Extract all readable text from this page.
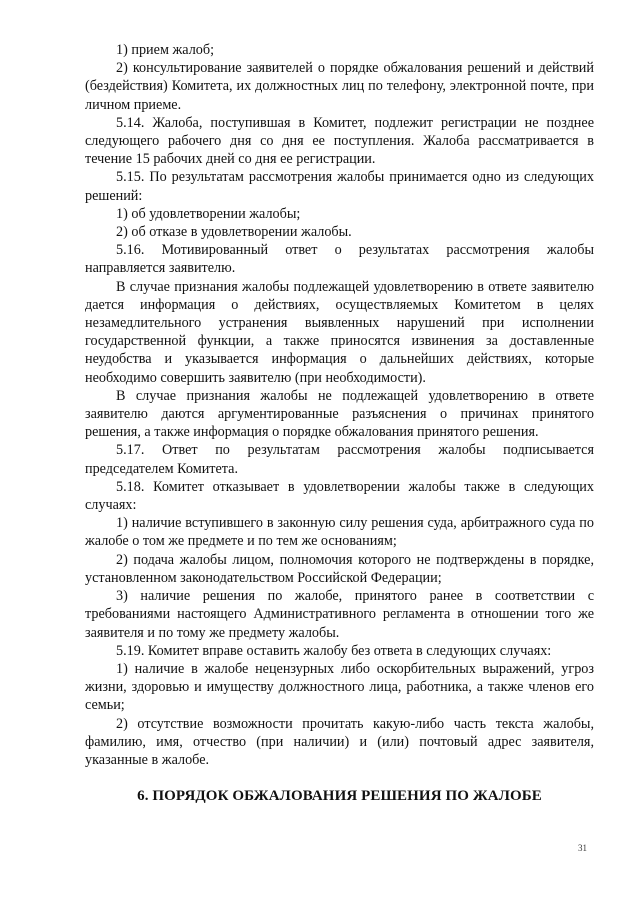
1) прием жалоб;

2) консультирование заявителей о порядке обжалования решений и действий (бездействия) Комитета, их должностных лиц по телефону, электронной почте, при личном приеме.

5.14. Жалоба, поступившая в Комитет, подлежит регистрации не позднее следующего рабочего дня со дня ее поступления. Жалоба рассматривается в течение 15 рабочих дней со дня ее регистрации.

5.15. По результатам рассмотрения жалобы принимается одно из следующих решений:

1) об удовлетворении жалобы;

2) об отказе в удовлетворении жалобы.

5.16. Мотивированный ответ о результатах рассмотрения жалобы направляется заявителю.

В случае признания жалобы подлежащей удовлетворению в ответе заявителю дается информация о действиях, осуществляемых Комитетом в целях незамедлительного устранения выявленных нарушений при исполнении государственной функции, а также приносятся извинения за доставленные неудобства и указывается информация о дальнейших действиях, которые необходимо совершить заявителю (при необходимости).

В случае признания жалобы не подлежащей удовлетворению в ответе заявителю даются аргументированные разъяснения о причинах принятого решения, а также информация о порядке обжалования принятого решения.

5.17. Ответ по результатам рассмотрения жалобы подписывается председателем Комитета.

5.18. Комитет отказывает в удовлетворении жалобы также в следующих случаях:

1) наличие вступившего в законную силу решения суда, арбитражного суда по жалобе о том же предмете и по тем же основаниям;

2) подача жалобы лицом, полномочия которого не подтверждены в порядке, установленном законодательством Российской Федерации;

3) наличие решения по жалобе, принятого ранее в соответствии с требованиями настоящего Административного регламента в отношении того же заявителя и по тому же предмету жалобы.

5.19. Комитет вправе оставить жалобу без ответа в следующих случаях:

1) наличие в жалобе нецензурных либо оскорбительных выражений, угроз жизни, здоровью и имуществу должностного лица, работника, а также членов его семьи;

2) отсутствие возможности прочитать какую-либо часть текста жалобы, фамилию, имя, отчество (при наличии) и (или) почтовый адрес заявителя, указанные в жалобе.

6. ПОРЯДОК ОБЖАЛОВАНИЯ РЕШЕНИЯ ПО ЖАЛОБЕ

31
